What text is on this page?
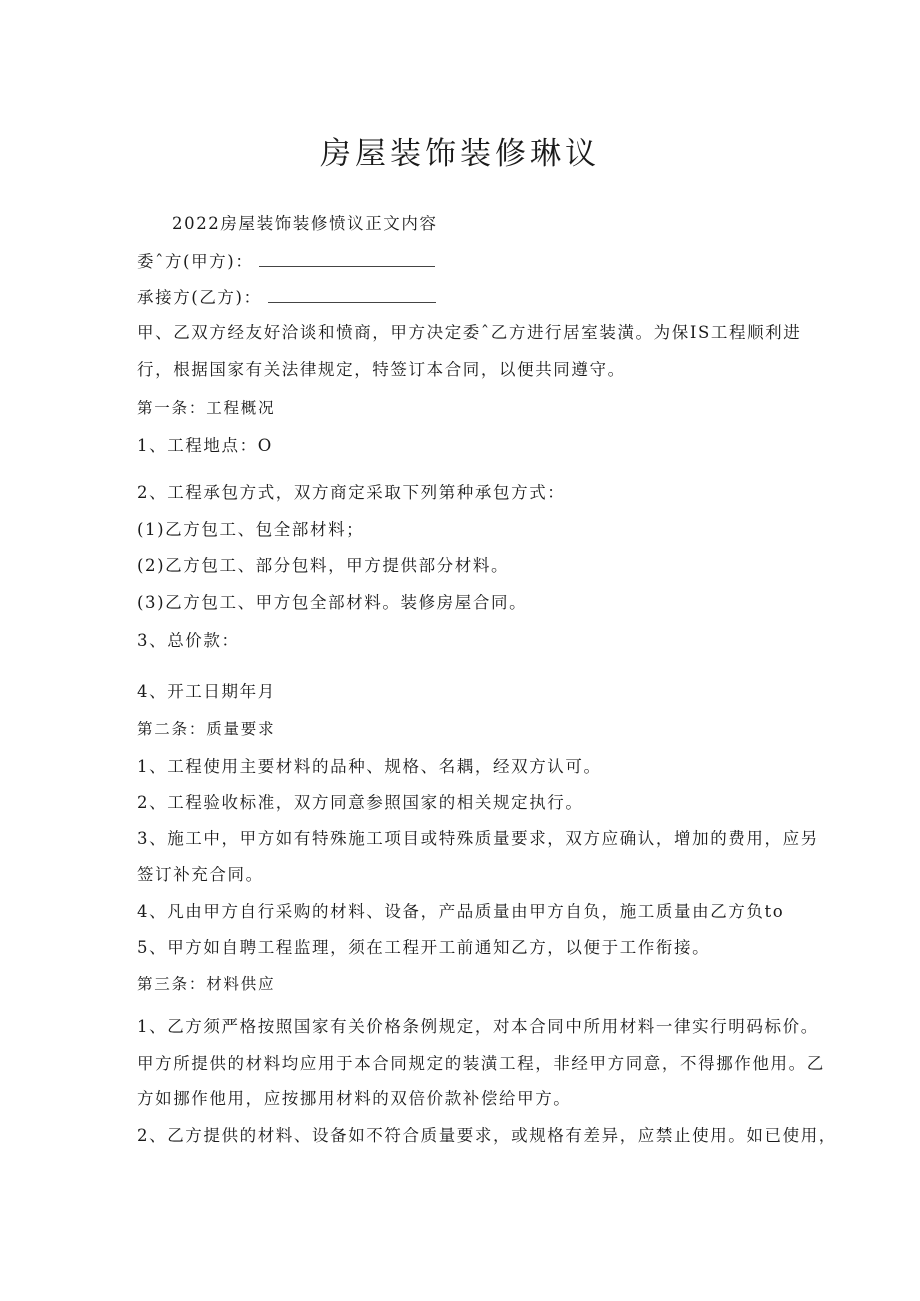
房屋装饰装修琳议
2022房屋装饰装修愤议正文内容
委ˆ方(甲方)：
承接方(乙方)：
甲、乙双方经友好洽谈和愤商，甲方决定委ˆ乙方进行居室装潢。为保IS工程顺利进
行，根据国家有关法律规定，特签订本合同，以便共同遵守。
第一条：工程概况
1、工程地点：O
2、工程承包方式，双方商定采取下列第种承包方式：
(1)乙方包工、包全部材料；
(2)乙方包工、部分包料，甲方提供部分材料。
(3)乙方包工、甲方包全部材料。装修房屋合同。
3、总价款：
4、开工日期年月
第二条：质量要求
1、工程使用主要材料的品种、规格、名耦，经双方认可。
2、工程验收标准，双方同意参照国家的相关规定执行。
3、施工中，甲方如有特殊施工项目或特殊质量要求，双方应确认，增加的费用，应另
签订补充合同。
4、凡由甲方自行采购的材料、设备，产品质量由甲方自负，施工质量由乙方负to
5、甲方如自聘工程监理，须在工程开工前通知乙方，以便于工作衔接。
第三条：材料供应
1、乙方须严格按照国家有关价格条例规定，对本合同中所用材料一律实行明码标价。
甲方所提供的材料均应用于本合同规定的装潢工程，非经甲方同意，不得挪作他用。乙
方如挪作他用，应按挪用材料的双倍价款补偿给甲方。
2、乙方提供的材料、设备如不符合质量要求，或规格有差异，应禁止使用。如已使用，
